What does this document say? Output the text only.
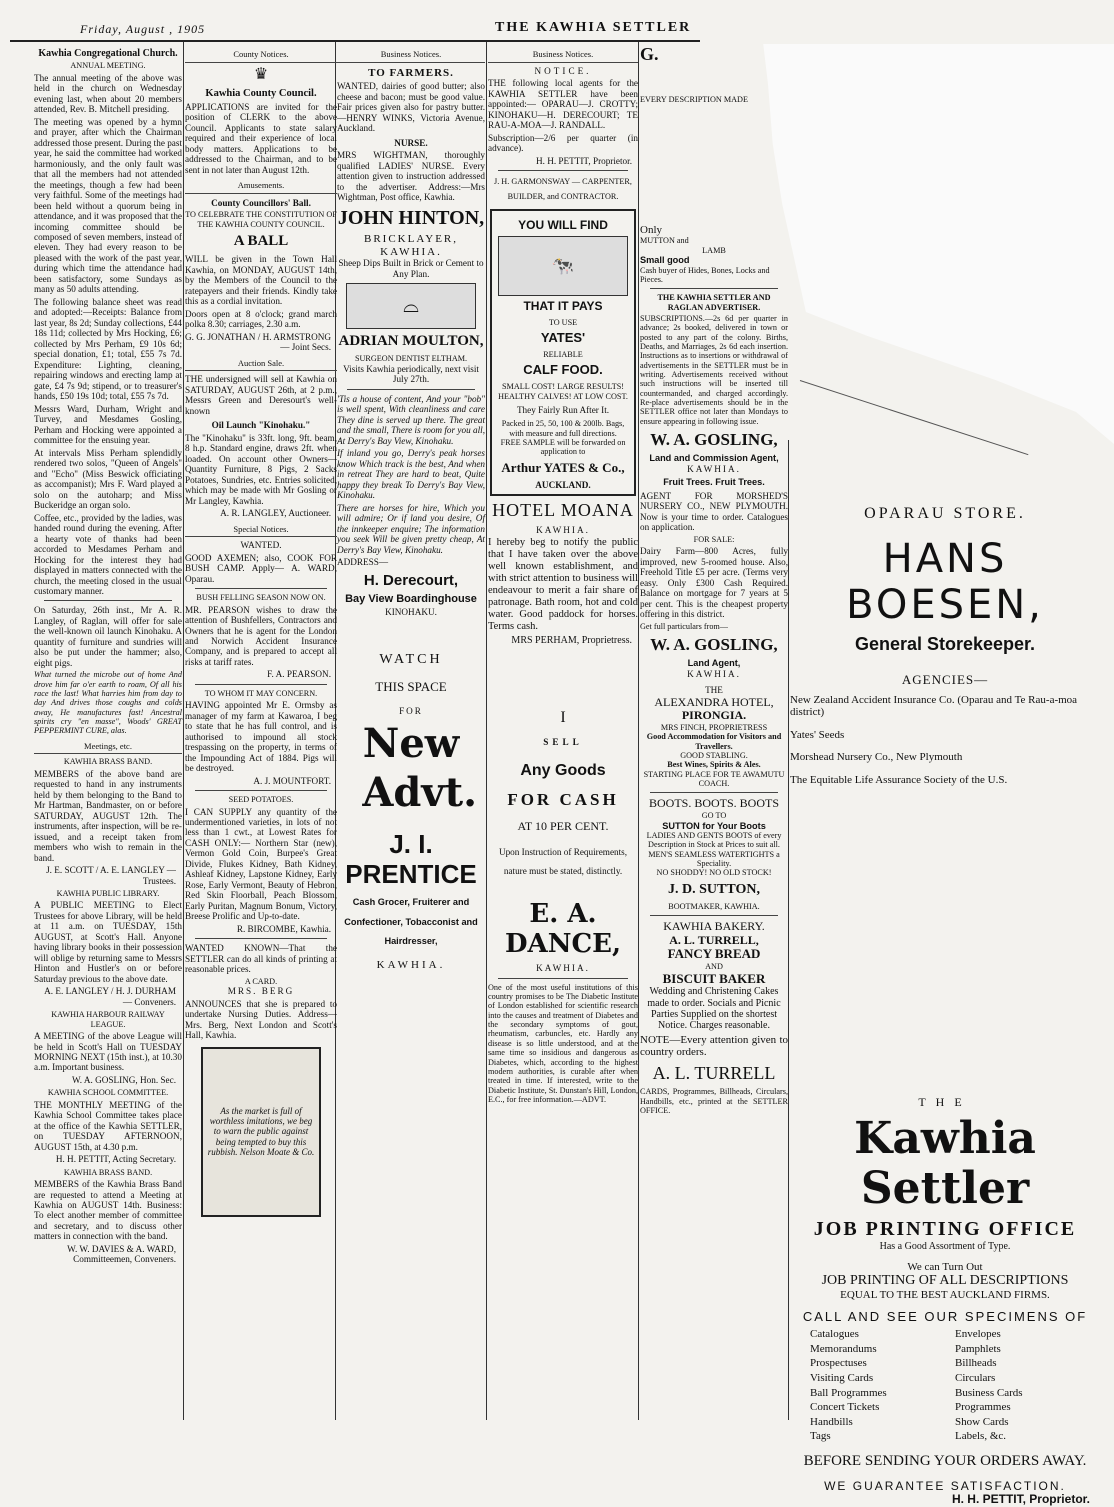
Friday, August , 1905	THE KAWHIA SETTLER
Kawhia Congregational Church.
ANNUAL MEETING.
The annual meeting of the above was held in the church on Wednesday evening last, when about 20 members attended, Rev. B. Mitchell presiding.
The meeting was opened by a hymn and prayer, after which the Chairman addressed those present. During the past year, he said the committee had worked harmoniously, and the only fault was that all the members had not attended the meetings, though a few had been very faithful. Some of the meetings had been held without a quorum being in attendance, and it was proposed that the incoming committee should be composed of seven members, instead of eleven. They had every reason to be pleased with the work of the past year, during which time the attendance had been satisfactory, some Sundays as many as 50 adults attending.
The following balance sheet was read and adopted:—Receipts: Balance from last year, 8s 2d; Sunday collections, £44 18s 11d; collected by Mrs Hocking, £6; collected by Mrs Perham, £9 10s 6d; special donation, £1; total, £55 7s 7d. Expenditure: Lighting, cleaning, repairing windows and erecting lamp at gate, £4 7s 9d; stipend, or to treasurer's hands, £50 19s 10d; total, £55 7s 7d.
Messrs Ward, Durham, Wright and Turvey, and Mesdames Gosling, Perham and Hocking were appointed a committee for the ensuing year.
At intervals Miss Perham splendidly rendered two solos, "Queen of Angels" and "Echo" (Miss Beswick officiating as accompanist); Mrs F. Ward played a solo on the autoharp; and Miss Buckeridge an organ solo.
Coffee, etc., provided by the ladies, was handed round during the evening. After a hearty vote of thanks had been accorded to Mesdames Perham and Hocking for the interest they had displayed in matters connected with the church, the meeting closed in the usual customary manner.
On Saturday, 26th inst., Mr A. R. Langley, of Raglan, will offer for sale the well-known oil launch Kinohaku. A quantity of furniture and sundries will also be put under the hammer; also, eight pigs.
What turned the microbe out of home And drove him far o'er earth to roam, Of all his race the last! What harries him from day to day And drives those coughs and colds away, He manufactures fast! Ancestral spirits cry "en masse", Woods' GREAT PEPPERMINT CURE, alas.
Meetings, etc.
KAWHIA BRASS BAND.
MEMBERS of the above band are requested to hand in any instruments held by them belonging to the Band to Mr Hartman, Bandmaster, on or before SATURDAY, AUGUST 12th. The instruments, after inspection, will be re-issued, and a receipt taken from members who wish to remain in the band.
J. E. SCOTT / A. E. LANGLEY — Trustees.
KAWHIA PUBLIC LIBRARY.
A PUBLIC MEETING to Elect Trustees for above Library, will be held at 11 a.m. on TUESDAY, 15th AUGUST, at Scott's Hall. Anyone having library books in their possession will oblige by returning same to Messrs Hinton and Hustler's on or before Saturday previous to the above date.
A. E. LANGLEY / H. J. DURHAM — Conveners.
KAWHIA HARBOUR RAILWAY LEAGUE.
A MEETING of the above League will be held in Scott's Hall on TUESDAY MORNING NEXT (15th inst.), at 10.30 a.m. Important business.
W. A. GOSLING, Hon. Sec.
KAWHIA SCHOOL COMMITTEE.
THE MONTHLY MEETING of the Kawhia School Committee takes place at the office of the Kawhia SETTLER, on TUESDAY AFTERNOON, AUGUST 15th, at 4.30 p.m.
H. H. PETTIT, Acting Secretary.
KAWHIA BRASS BAND.
MEMBERS of the Kawhia Brass Band are requested to attend a Meeting at Kawhia on AUGUST 14th. Business: To elect another member of committee and secretary, and to discuss other matters in connection with the band.
W. W. DAVIES & A. WARD, Committeemen, Conveners.
County Notices.
♛
Kawhia County Council.
APPLICATIONS are invited for the position of CLERK to the above Council. Applicants to state salary required and their experience of local body matters. Applications to be addressed to the Chairman, and to be sent in not later than August 12th.
Amusements.
County Councillors' Ball.
TO CELEBRATE THE CONSTITUTION OF THE KAWHIA COUNTY COUNCIL.
A BALL
WILL be given in the Town Hall Kawhia, on MONDAY, AUGUST 14th, by the Members of the Council to the ratepayers and their friends. Kindly take this as a cordial invitation.
Doors open at 8 o'clock; grand march polka 8.30; carriages, 2.30 a.m.
G. G. JONATHAN / H. ARMSTRONG — Joint Secs.
Auction Sale.
THE undersigned will sell at Kawhia on SATURDAY, AUGUST 26th, at 2 p.m., Messrs Green and Deresourt's well-known
Oil Launch "Kinohaku."
The "Kinohaku" is 33ft. long, 9ft. beam, 8 h.p. Standard engine, draws 2ft. when loaded. On account other Owners— Quantity Furniture, 8 Pigs, 2 Sacks Potatoes, Sundries, etc. Entries solicited, which may be made with Mr Gosling or Mr Langley, Kawhia.
A. R. LANGLEY, Auctioneer.
Special Notices.
WANTED.
GOOD AXEMEN; also, COOK FOR BUSH CAMP. Apply— A. WARD, Oparau.
BUSH FELLING SEASON NOW ON.
MR. PEARSON wishes to draw the attention of Bushfellers, Contractors and Owners that he is agent for the London and Norwich Accident Insurance Company, and is prepared to accept all risks at tariff rates.
F. A. PEARSON.
TO WHOM IT MAY CONCERN.
HAVING appointed Mr E. Ormsby as manager of my farm at Kawaroa, I beg to state that he has full control, and is authorised to impound all stock trespassing on the property, in terms of the Impounding Act of 1884. Pigs will be destroyed.
A. J. MOUNTFORT.
SEED POTATOES.
I CAN SUPPLY any quantity of the undermentioned varieties, in lots of not less than 1 cwt., at Lowest Rates for CASH ONLY:— Northern Star (new), Vermon Gold Coin, Burpee's Great Divide, Flukes Kidney, Bath Kidney, Ashleaf Kidney, Lapstone Kidney, Early Rose, Early Vermont, Beauty of Hebron, Red Skin Floorball, Peach Blossom, Early Puritan, Magnum Bonum, Victory, Breese Prolific and Up-to-date.
R. BIRCOMBE, Kawhia.
WANTED KNOWN—That the SETTLER can do all kinds of printing at reasonable prices.
A CARD.
MRS. BERG
ANNOUNCES that she is prepared to undertake Nursing Duties. Address— Mrs. Berg, Next London and Scott's Hall, Kawhia.
As the market is full of worthless imitations, we beg to warn the public against being tempted to buy this rubbish. Nelson Moate & Co.
Business Notices.
TO FARMERS.
WANTED, dairies of good butter; also cheese and bacon; must be good value. Fair prices given also for pastry butter.—HENRY WINKS, Victoria Avenue, Auckland.
NURSE.
MRS WIGHTMAN, thoroughly qualified LADIES' NURSE. Every attention given to instruction addressed to the advertiser. Address:—Mrs Wightman, Post office, Kawhia.
JOHN HINTON,
BRICKLAYER, KAWHIA.
Sheep Dips Built in Brick or Cement to Any Plan.
⌓
ADRIAN MOULTON,
SURGEON DENTIST ELTHAM.
Visits Kawhia periodically, next visit July 27th.
'Tis a house of content, And your "bob" is well spent, With cleanliness and care They dine is served up there. The great and the small, There is room for you all, At Derry's Bay View, Kinohaku.
If inland you go, Derry's peak horses know Which track is the best, And when in retreat They are hard to beat, Quite happy they break To Derry's Bay View, Kinohaku.
There are horses for hire, Which you will admire; Or if land you desire, Of the innkeeper enquire; The information you seek Will be given pretty cheap, At Derry's Bay View, Kinohaku.
ADDRESS—
H. Derecourt,
Bay View Boardinghouse
KINOHAKU.
WATCH
THIS SPACE
FOR
New
Advt.
J. I. PRENTICE
Cash Grocer, Fruiterer and Confectioner, Tobacconist and Hairdresser,
KAWHIA.
Business Notices.
NOTICE.
THE following local agents for the KAWHIA SETTLER have been appointed:— OPARAU—J. CROTTY; KINOHAKU—H. DERECOURT; TE RAU-A-MOA—J. RANDALL.
Subscription—2/6 per quarter (in advance).
H. H. PETTIT, Proprietor.
J. H. GARMONSWAY — CARPENTER, BUILDER, and CONTRACTOR.
YOU WILL FIND
🐄
THAT IT PAYS
TO USE
YATES'
RELIABLE
CALF FOOD.
SMALL COST! LARGE RESULTS! HEALTHY CALVES! AT LOW COST.
They Fairly Run After It.
Packed in 25, 50, 100 & 200lb. Bags, with measure and full directions.
FREE SAMPLE will be forwarded on application to
Arthur YATES & Co.,
AUCKLAND.
HOTEL MOANA
KAWHIA.
I hereby beg to notify the public that I have taken over the above well known establishment, and with strict attention to business will endeavour to merit a fair share of patronage. Bath room, hot and cold water. Good paddock for horses. Terms cash.
MRS PERHAM, Proprietress.
I
SELL
Any Goods
FOR CASH
AT 10 PER CENT.
Upon Instruction of Requirements, nature must be stated, distinctly.
E. A. DANCE,
KAWHIA.
One of the most useful institutions of this country promises to be The Diabetic Institute of London established for scientific research into the causes and treatment of Diabetes and the secondary symptoms of gout, rheumatism, carbuncles, etc. Hardly any disease is so little understood, and at the same time so insidious and dangerous as Diabetes, which, according to the highest modern authorities, is curable after when treated in time. If interested, write to the Diabetic Institute, St. Dunstan's Hill, London, E.C., for free information.—ADVT.
G.
EVERY DESCRIPTION MADE
Only
MUTTON and
LAMB
Small good
Cash buyer of Hides, Bones, Locks and Pieces.
THE KAWHIA SETTLER AND RAGLAN ADVERTISER.
SUBSCRIPTIONS.—2s 6d per quarter in advance; 2s booked, delivered in town or posted to any part of the colony. Births, Deaths, and Marriages, 2s 6d each insertion. Instructions as to insertions or withdrawal of advertisements in the SETTLER must be in writing. Advertisements received without such instructions will be inserted till countermanded, and charged accordingly. Re-place advertisements should be in the SETTLER office not later than Mondays to ensure appearing in following issue.
W. A. GOSLING,
Land and Commission Agent,
KAWHIA.
Fruit Trees. Fruit Trees.
AGENT FOR MORSHED'S NURSERY CO., NEW PLYMOUTH. Now is your time to order. Catalogues on application.
FOR SALE:
Dairy Farm—800 Acres, fully improved, new 5-roomed house. Also, Freehold Title £5 per acre. (Terms very easy. Only £300 Cash Required. Balance on mortgage for 7 years at 5 per cent. This is the cheapest property offering in this district.
Get full particulars from—
W. A. GOSLING,
Land Agent,
KAWHIA.
THE
ALEXANDRA HOTEL,
PIRONGIA.
MRS FINCH, PROPRIETRESS
Good Accommodation for Visitors and Travellers.
GOOD STABLING.
Best Wines, Spirits & Ales.
STARTING PLACE FOR TE AWAMUTU COACH.
BOOTS. BOOTS. BOOTS
GO TO
SUTTON for Your Boots
LADIES AND GENTS BOOTS of every Description in Stock at Prices to suit all.
MEN'S SEAMLESS WATERTIGHTS a Speciality.
NO SHODDY! NO OLD STOCK!
J. D. SUTTON,
BOOTMAKER, KAWHIA.
KAWHIA BAKERY.
A. L. TURRELL,
FANCY BREAD
AND
BISCUIT BAKER
Wedding and Christening Cakes made to order. Socials and Picnic Parties Supplied on the shortest Notice. Charges reasonable.
NOTE—Every attention given to country orders.
A. L. TURRELL
CARDS, Programmes, Billheads, Circulars, Handbills, etc., printed at the SETTLER OFFICE.
OPARAU STORE.
HANS BOESEN,
General Storekeeper.
AGENCIES—
New Zealand Accident Insurance Co. (Oparau and Te Rau-a-moa district)
Yates' Seeds
Morshead Nursery Co., New Plymouth
The Equitable Life Assurance Society of the U.S.
THE
Kawhia Settler
JOB PRINTING OFFICE
Has a Good Assortment of Type.
We can Turn Out
JOB PRINTING OF ALL DESCRIPTIONS
EQUAL TO THE BEST AUCKLAND FIRMS.
CALL AND SEE OUR SPECIMENS OF
Catalogues	Envelopes
Memorandums	Pamphlets
Prospectuses	Billheads
Visiting Cards	Circulars
Ball Programmes	Business Cards
Concert Tickets	Programmes
Handbills	Show Cards
Tags	Labels, &c.
BEFORE SENDING YOUR ORDERS AWAY.
WE GUARANTEE SATISFACTION.
H. H. PETTIT, Proprietor.
